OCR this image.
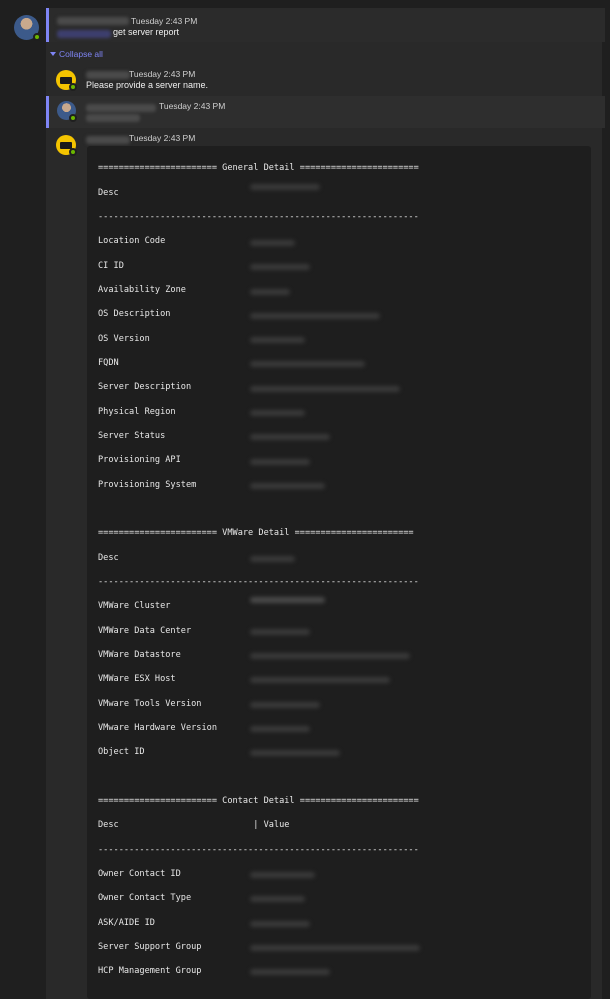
Tuesday 2:43 PM
get server report
Collapse all
Tuesday 2:43 PM
Please provide a server name.
Tuesday 2:43 PM
Tuesday 2:43 PM
======================= General Detail =======================
Desc
--------------------------------------------------------------
Location Code
CI ID
Availability Zone
OS Description
OS Version
FQDN
Server Description
Physical Region
Server Status
Provisioning API
Provisioning System
======================= VMWare Detail =======================
Desc
--------------------------------------------------------------
VMWare Cluster
VMWare Data Center
VMWare Datastore
VMWare ESX Host
VMware Tools Version
VMware Hardware Version
Object ID
======================= Contact Detail =======================
Desc                          | Value
--------------------------------------------------------------
Owner Contact ID
Owner Contact Type
ASK/AIDE ID
Server Support Group
HCP Management Group
